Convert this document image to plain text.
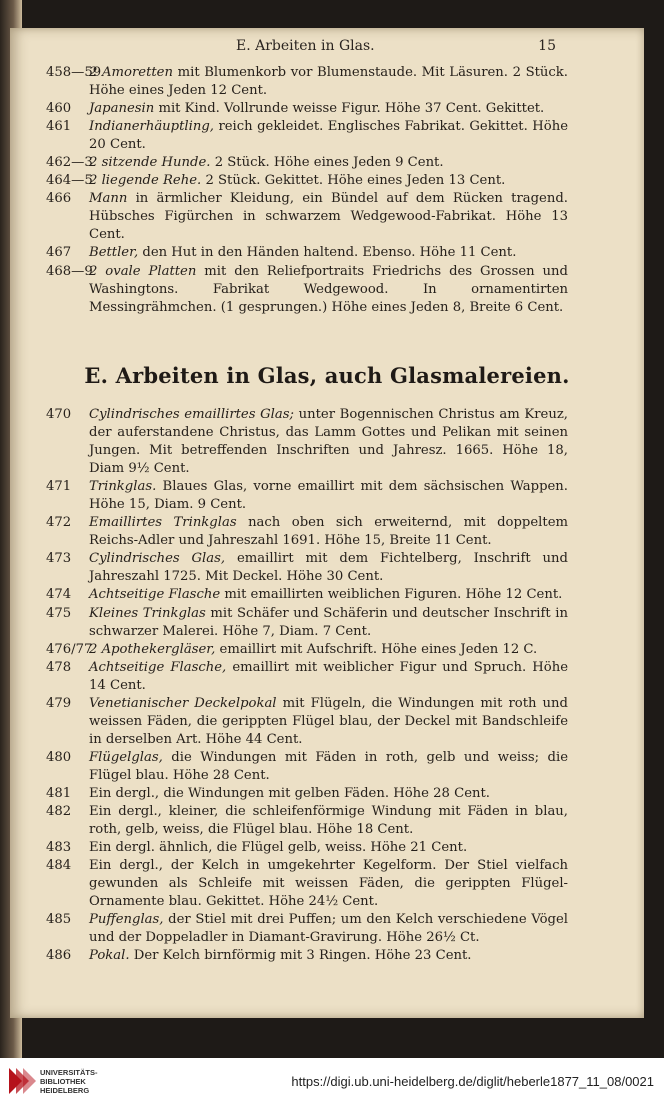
E. Arbeiten in Glas.	15
458—59
2 Amoretten mit Blumenkorb vor Blumenstaude. Mit Läsuren. 2 Stück. Höhe eines Jeden 12 Cent.
460 Japanesin mit Kind. Vollrunde weisse Figur. Höhe 37 Cent. Gekittet.
461 Indianerhäuptling, reich gekleidet. Englisches Fabrikat. Gekittet. Höhe 20 Cent.
462—3
2 sitzende Hunde. 2 Stück. Höhe eines Jeden 9 Cent.
464—5
2 liegende Rehe. 2 Stück. Gekittet. Höhe eines Jeden 13 Cent.
466 Mann in ärmlicher Kleidung, ein Bündel auf dem Rücken tragend. Hübsches Figürchen in schwarzem Wedgewood-Fabrikat. Höhe 13 Cent.
467 Bettler, den Hut in den Händen haltend. Ebenso. Höhe 11 Cent.
468—9
2 ovale Platten mit den Reliefportraits Friedrichs des Grossen und Washingtons. Fabrikat Wedgewood. In ornamentirten Messingrähmchen. (1 gesprungen.) Höhe eines Jeden 8, Breite 6 Cent.
E. Arbeiten in Glas, auch Glasmalereien.
470 Cylindrisches emaillirtes Glas; unter Bogennischen Christus am Kreuz, der auferstandene Christus, das Lamm Gottes und Pelikan mit seinen Jungen. Mit betreffenden Inschriften und Jahresz. 1665. Höhe 18, Diam 9½ Cent.
471 Trinkglas. Blaues Glas, vorne emaillirt mit dem sächsischen Wappen. Höhe 15, Diam. 9 Cent.
472 Emaillirtes Trinkglas nach oben sich erweiternd, mit doppeltem Reichs-Adler und Jahreszahl 1691. Höhe 15, Breite 11 Cent.
473 Cylindrisches Glas, emaillirt mit dem Fichtelberg, Inschrift und Jahreszahl 1725. Mit Deckel. Höhe 30 Cent.
474 Achtseitige Flasche mit emaillirten weiblichen Figuren. Höhe 12 Cent.
475 Kleines Trinkglas mit Schäfer und Schäferin und deutscher Inschrift in schwarzer Malerei. Höhe 7, Diam. 7 Cent.
476/77
2 Apothekergläser, emaillirt mit Aufschrift. Höhe eines Jeden 12 C.
478 Achtseitige Flasche, emaillirt mit weiblicher Figur und Spruch. Höhe 14 Cent.
479 Venetianischer Deckelpokal mit Flügeln, die Windungen mit roth und weissen Fäden, die gerippten Flügel blau, der Deckel mit Bandschleife in derselben Art. Höhe 44 Cent.
480 Flügelglas, die Windungen mit Fäden in roth, gelb und weiss; die Flügel blau. Höhe 28 Cent.
481 Ein dergl., die Windungen mit gelben Fäden. Höhe 28 Cent.
482 Ein dergl., kleiner, die schleifenförmige Windung mit Fäden in blau, roth, gelb, weiss, die Flügel blau. Höhe 18 Cent.
483 Ein dergl. ähnlich, die Flügel gelb, weiss. Höhe 21 Cent.
484 Ein dergl., der Kelch in umgekehrter Kegelform. Der Stiel vielfach gewunden als Schleife mit weissen Fäden, die gerippten Flügel-Ornamente blau. Gekittet. Höhe 24½ Cent.
485 Puffenglas, der Stiel mit drei Puffen; um den Kelch verschiedene Vögel und der Doppeladler in Diamant-Gravirung. Höhe 26½ Ct.
486 Pokal. Der Kelch birnförmig mit 3 Ringen. Höhe 23 Cent.
UNIVERSITÄTS-
BIBLIOTHEK
HEIDELBERG
https://digi.ub.uni-heidelberg.de/diglit/heberle1877_11_08/0021
